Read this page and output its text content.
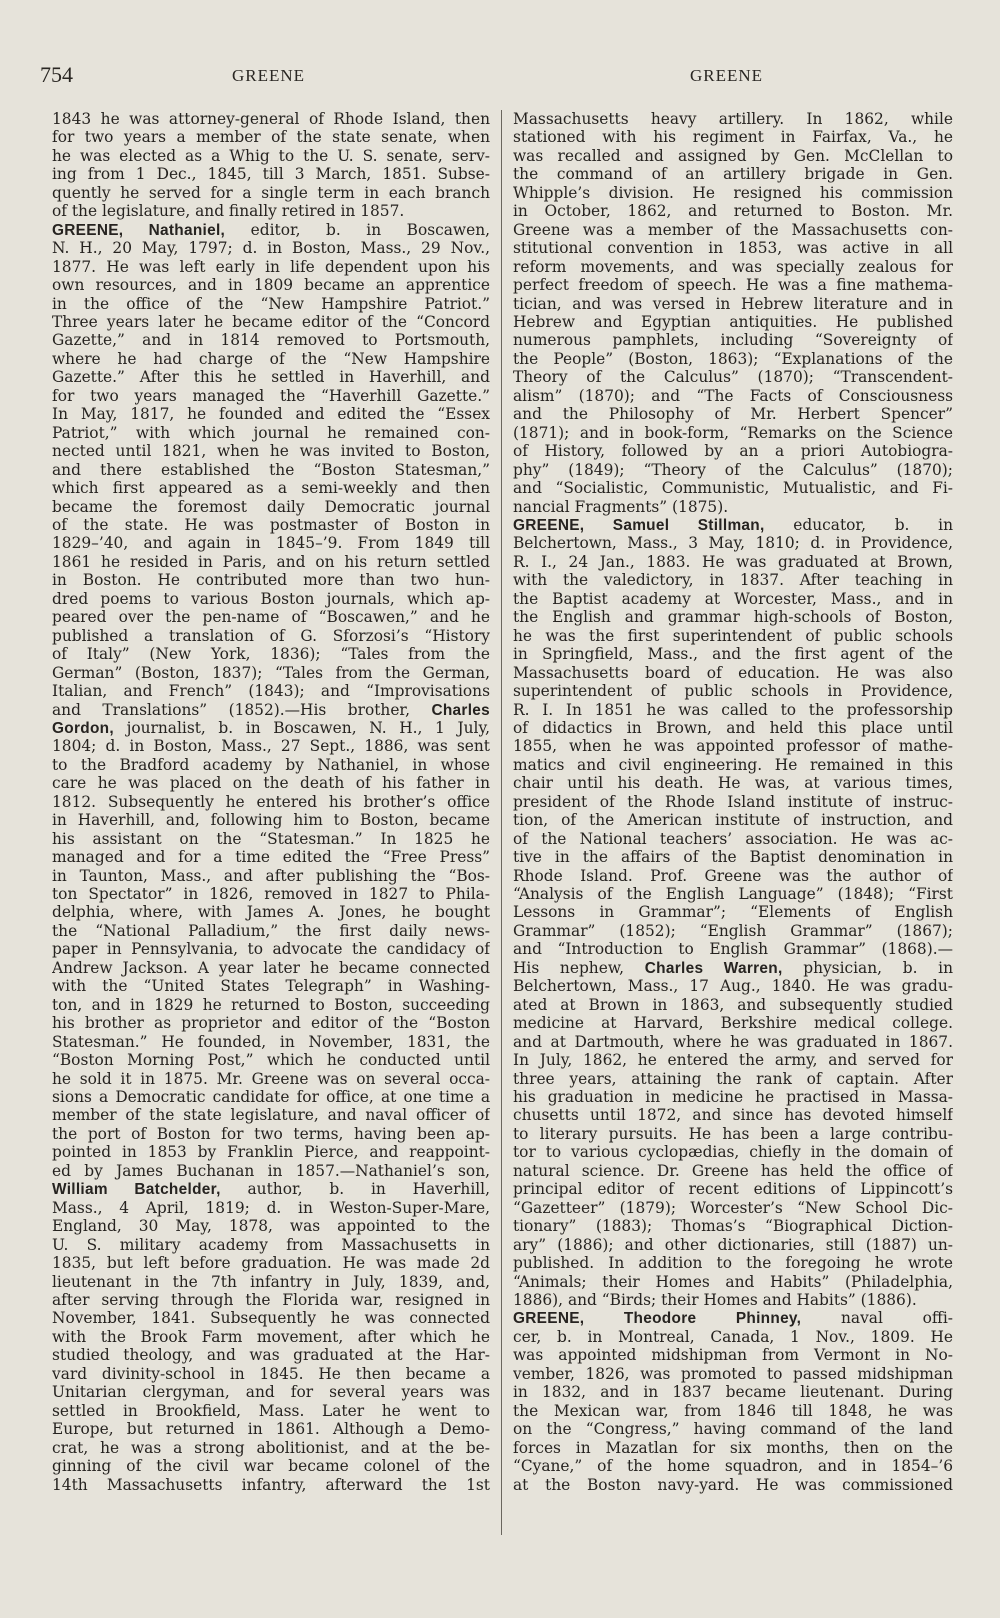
754	GREENE	GREENE
1843 he was attorney-general of Rhode Island, then
for two years a member of the state senate, when
he was elected as a Whig to the U. S. senate, serv-
ing from 1 Dec., 1845, till 3 March, 1851. Subse-
quently he served for a single term in each branch
of the legislature, and finally retired in 1857.
GREENE, Nathaniel, editor, b. in Boscawen,
N. H., 20 May, 1797; d. in Boston, Mass., 29 Nov.,
1877. He was left early in life dependent upon his
own resources, and in 1809 became an apprentice
in the office of the “New Hampshire Patriot.”
Three years later he became editor of the “Concord
Gazette,” and in 1814 removed to Portsmouth,
where he had charge of the “New Hampshire
Gazette.” After this he settled in Haverhill, and
for two years managed the “Haverhill Gazette.”
In May, 1817, he founded and edited the “Essex
Patriot,” with which journal he remained con-
nected until 1821, when he was invited to Boston,
and there established the “Boston Statesman,”
which first appeared as a semi-weekly and then
became the foremost daily Democratic journal
of the state. He was postmaster of Boston in
1829–’40, and again in 1845–’9. From 1849 till
1861 he resided in Paris, and on his return settled
in Boston. He contributed more than two hun-
dred poems to various Boston journals, which ap-
peared over the pen-name of “Boscawen,” and he
published a translation of G. Sforzosi’s “History
of Italy” (New York, 1836); “Tales from the
German” (Boston, 1837); “Tales from the German,
Italian, and French” (1843); and “Improvisations
and Translations” (1852).—His brother, Charles
Gordon, journalist, b. in Boscawen, N. H., 1 July,
1804; d. in Boston, Mass., 27 Sept., 1886, was sent
to the Bradford academy by Nathaniel, in whose
care he was placed on the death of his father in
1812. Subsequently he entered his brother’s office
in Haverhill, and, following him to Boston, became
his assistant on the “Statesman.” In 1825 he
managed and for a time edited the “Free Press”
in Taunton, Mass., and after publishing the “Bos-
ton Spectator” in 1826, removed in 1827 to Phila-
delphia, where, with James A. Jones, he bought
the “National Palladium,” the first daily news-
paper in Pennsylvania, to advocate the candidacy of
Andrew Jackson. A year later he became connected
with the “United States Telegraph” in Washing-
ton, and in 1829 he returned to Boston, succeeding
his brother as proprietor and editor of the “Boston
Statesman.” He founded, in November, 1831, the
“Boston Morning Post,” which he conducted until
he sold it in 1875. Mr. Greene was on several occa-
sions a Democratic candidate for office, at one time a
member of the state legislature, and naval officer of
the port of Boston for two terms, having been ap-
pointed in 1853 by Franklin Pierce, and reappoint-
ed by James Buchanan in 1857.—Nathaniel’s son,
William Batchelder, author, b. in Haverhill,
Mass., 4 April, 1819; d. in Weston-Super-Mare,
England, 30 May, 1878, was appointed to the
U. S. military academy from Massachusetts in
1835, but left before graduation. He was made 2d
lieutenant in the 7th infantry in July, 1839, and,
after serving through the Florida war, resigned in
November, 1841. Subsequently he was connected
with the Brook Farm movement, after which he
studied theology, and was graduated at the Har-
vard divinity-school in 1845. He then became a
Unitarian clergyman, and for several years was
settled in Brookfield, Mass. Later he went to
Europe, but returned in 1861. Although a Demo-
crat, he was a strong abolitionist, and at the be-
ginning of the civil war became colonel of the
14th Massachusetts infantry, afterward the 1st
Massachusetts heavy artillery. In 1862, while
stationed with his regiment in Fairfax, Va., he
was recalled and assigned by Gen. McClellan to
the command of an artillery brigade in Gen.
Whipple’s division. He resigned his commission
in October, 1862, and returned to Boston. Mr.
Greene was a member of the Massachusetts con-
stitutional convention in 1853, was active in all
reform movements, and was specially zealous for
perfect freedom of speech. He was a fine mathema-
tician, and was versed in Hebrew literature and in
Hebrew and Egyptian antiquities. He published
numerous pamphlets, including “Sovereignty of
the People” (Boston, 1863); “Explanations of the
Theory of the Calculus” (1870); “Transcendent-
alism” (1870); and “The Facts of Consciousness
and the Philosophy of Mr. Herbert Spencer”
(1871); and in book-form, “Remarks on the Science
of History, followed by an a priori Autobiogra-
phy” (1849); “Theory of the Calculus” (1870);
and “Socialistic, Communistic, Mutualistic, and Fi-
nancial Fragments” (1875).
GREENE, Samuel Stillman, educator, b. in
Belchertown, Mass., 3 May, 1810; d. in Providence,
R. I., 24 Jan., 1883. He was graduated at Brown,
with the valedictory, in 1837. After teaching in
the Baptist academy at Worcester, Mass., and in
the English and grammar high-schools of Boston,
he was the first superintendent of public schools
in Springfield, Mass., and the first agent of the
Massachusetts board of education. He was also
superintendent of public schools in Providence,
R. I. In 1851 he was called to the professorship
of didactics in Brown, and held this place until
1855, when he was appointed professor of mathe-
matics and civil engineering. He remained in this
chair until his death. He was, at various times,
president of the Rhode Island institute of instruc-
tion, of the American institute of instruction, and
of the National teachers’ association. He was ac-
tive in the affairs of the Baptist denomination in
Rhode Island. Prof. Greene was the author of
“Analysis of the English Language” (1848); “First
Lessons in Grammar”; “Elements of English
Grammar” (1852); “English Grammar” (1867);
and “Introduction to English Grammar” (1868).—
His nephew, Charles Warren, physician, b. in
Belchertown, Mass., 17 Aug., 1840. He was gradu-
ated at Brown in 1863, and subsequently studied
medicine at Harvard, Berkshire medical college.
and at Dartmouth, where he was graduated in 1867.
In July, 1862, he entered the army, and served for
three years, attaining the rank of captain. After
his graduation in medicine he practised in Massa-
chusetts until 1872, and since has devoted himself
to literary pursuits. He has been a large contribu-
tor to various cyclopædias, chiefly in the domain of
natural science. Dr. Greene has held the office of
principal editor of recent editions of Lippincott’s
“Gazetteer” (1879); Worcester’s “New School Dic-
tionary” (1883); Thomas’s “Biographical Diction-
ary” (1886); and other dictionaries, still (1887) un-
published. In addition to the foregoing he wrote
“Animals; their Homes and Habits” (Philadelphia,
1886), and “Birds; their Homes and Habits” (1886).
GREENE, Theodore Phinney, naval offi-
cer, b. in Montreal, Canada, 1 Nov., 1809. He
was appointed midshipman from Vermont in No-
vember, 1826, was promoted to passed midshipman
in 1832, and in 1837 became lieutenant. During
the Mexican war, from 1846 till 1848, he was
on the “Congress,” having command of the land
forces in Mazatlan for six months, then on the
“Cyane,” of the home squadron, and in 1854–’6
at the Boston navy-yard. He was commissioned
